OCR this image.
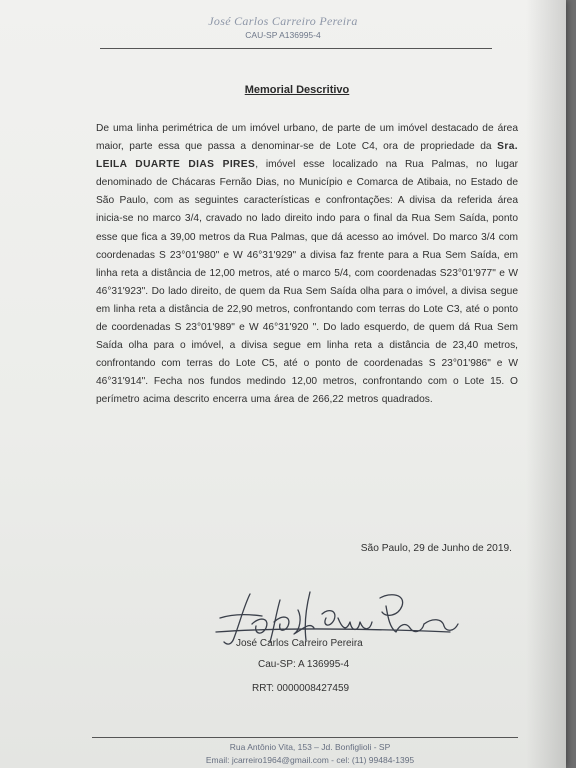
José Carlos Carreiro Pereira
CAU-SP A136995-4
Memorial Descritivo
De uma linha perimétrica de um imóvel urbano, de parte de um imóvel destacado de área maior, parte essa que passa a denominar-se de Lote C4, ora de propriedade da Sra. LEILA DUARTE DIAS PIRES, imóvel esse localizado na Rua Palmas, no lugar denominado de Chácaras Fernão Dias, no Município e Comarca de Atibaia, no Estado de São Paulo, com as seguintes características e confrontações: A divisa da referida área inicia-se no marco 3/4, cravado no lado direito indo para o final da Rua Sem Saída, ponto esse que fica a 39,00 metros da Rua Palmas, que dá acesso ao imóvel. Do marco 3/4 com coordenadas S 23°01'980" e W 46°31'929" a divisa faz frente para a Rua Sem Saída, em linha reta a distância de 12,00 metros, até o marco 5/4, com coordenadas S23°01'977" e W 46°31'923". Do lado direito, de quem da Rua Sem Saída olha para o imóvel, a divisa segue em linha reta a distância de 22,90 metros, confrontando com terras do Lote C3, até o ponto de coordenadas S 23°01'989" e W 46°31'920 ". Do lado esquerdo, de quem dá Rua Sem Saída olha para o imóvel, a divisa segue em linha reta a distância de 23,40 metros, confrontando com terras do Lote C5, até o ponto de coordenadas S 23°01'986" e W 46°31'914". Fecha nos fundos medindo 12,00 metros, confrontando com o Lote 15. O perímetro acima descrito encerra uma área de 266,22 metros quadrados.
São Paulo, 29 de Junho de 2019.
José Carlos Carreiro Pereira
Cau-SP: A 136995-4
RRT: 0000008427459
Rua Antônio Vita, 153 – Jd. Bonfiglioli - SP
Email: jcarreiro1964@gmail.com - cel: (11) 99484-1395
